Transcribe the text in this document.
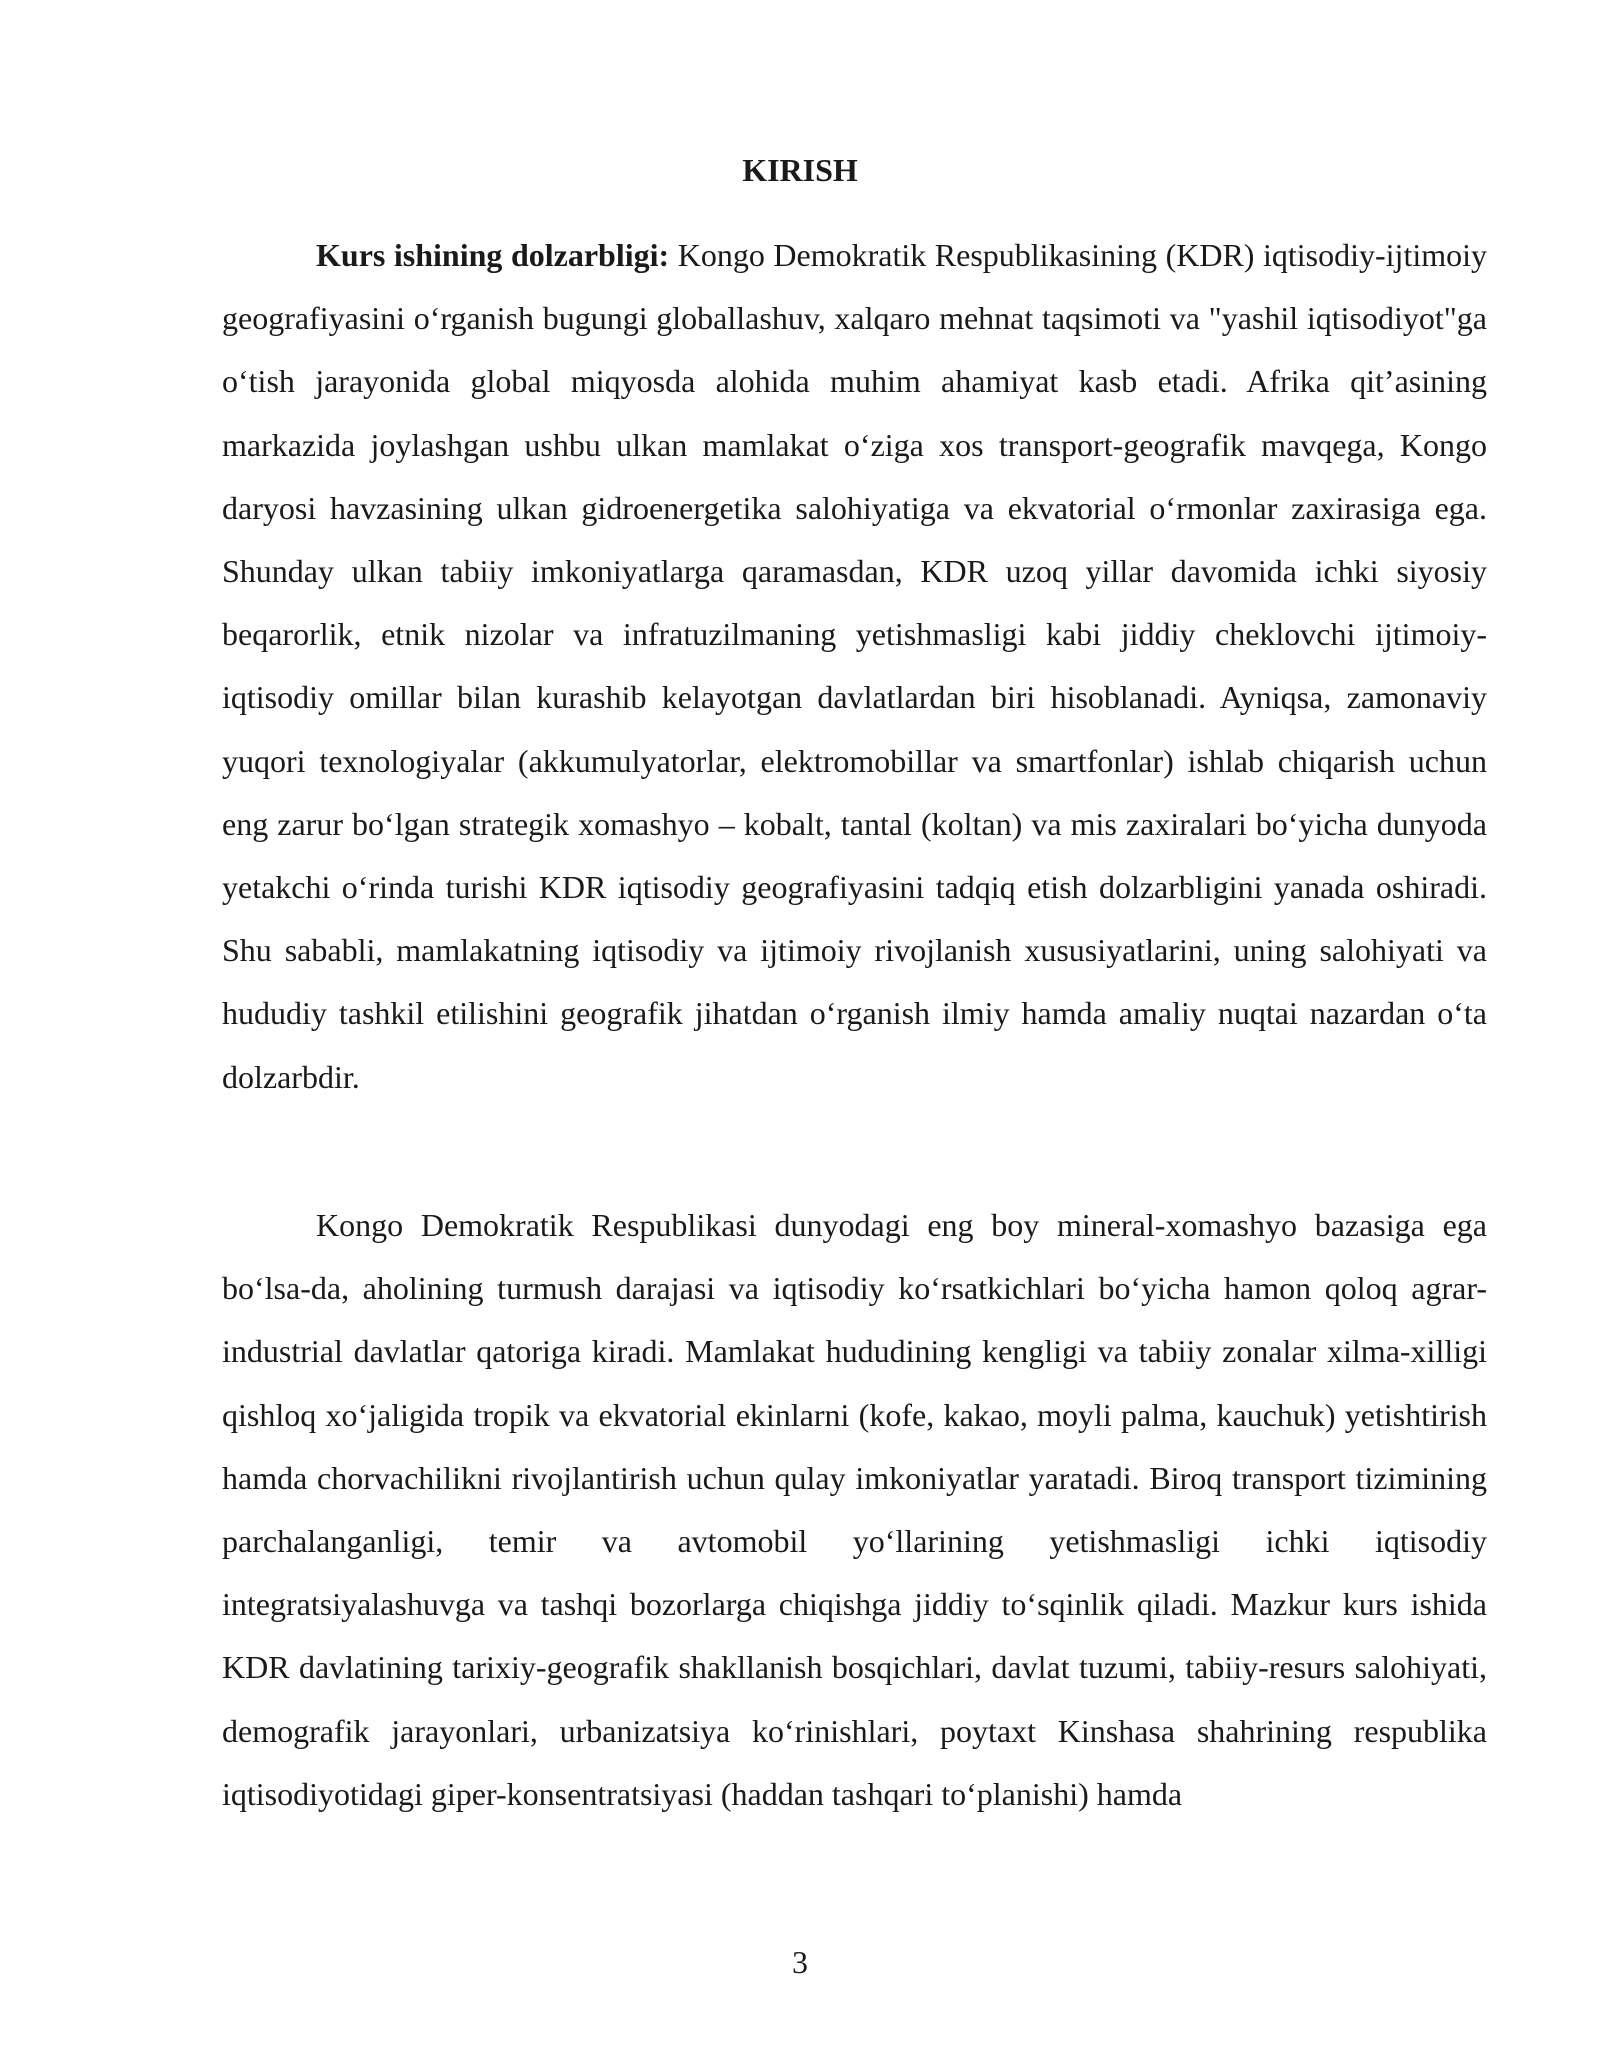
KIRISH

Kurs ishining dolzarbligi: Kongo Demokratik Respublikasining (KDR) iqtisodiy-ijtimoiy geografiyasini o‘rganish bugungi globallashuv, xalqaro mehnat taqsimoti va "yashil iqtisodiyot"ga o‘tish jarayonida global miqyosda alohida muhim ahamiyat kasb etadi. Afrika qit’asining markazida joylashgan ushbu ulkan mamlakat o‘ziga xos transport-geografik mavqega, Kongo daryosi havzasining ulkan gidroenergetika salohiyatiga va ekvatorial o‘rmonlar zaxirasiga ega. Shunday ulkan tabiiy imkoniyatlarga qaramasdan, KDR uzoq yillar davomida ichki siyosiy beqarorlik, etnik nizolar va infratuzilmaning yetishmasligi kabi jiddiy cheklovchi ijtimoiy-iqtisodiy omillar bilan kurashib kelayotgan davlatlardan biri hisoblanadi. Ayniqsa, zamonaviy yuqori texnologiyalar (akkumulyatorlar, elektromobillar va smartfonlar) ishlab chiqarish uchun eng zarur bo‘lgan strategik xomashyo – kobalt, tantal (koltan) va mis zaxiralari bo‘yicha dunyoda yetakchi o‘rinda turishi KDR iqtisodiy geografiyasini tadqiq etish dolzarbligini yanada oshiradi. Shu sababli, mamlakatning iqtisodiy va ijtimoiy rivojlanish xususiyatlarini, uning salohiyati va hududiy tashkil etilishini geografik jihatdan o‘rganish ilmiy hamda amaliy nuqtai nazardan o‘ta dolzarbdir.

Kongo Demokratik Respublikasi dunyodagi eng boy mineral-xomashyo bazasiga ega bo‘lsa-da, aholining turmush darajasi va iqtisodiy ko‘rsatkichlari bo‘yicha hamon qoloq agrar-industrial davlatlar qatoriga kiradi. Mamlakat hududining kengligi va tabiiy zonalar xilma-xilligi qishloq xo‘jaligida tropik va ekvatorial ekinlarni (kofe, kakao, moyli palma, kauchuk) yetishtirish hamda chorvachilikni rivojlantirish uchun qulay imkoniyatlar yaratadi. Biroq transport tizimining parchalanganligi, temir va avtomobil yo‘llarining yetishmasligi ichki iqtisodiy integratsiyalashuvga va tashqi bozorlarga chiqishga jiddiy to‘sqinlik qiladi. Mazkur kurs ishida KDR davlatining tarixiy-geografik shakllanish bosqichlari, davlat tuzumi, tabiiy-resurs salohiyati, demografik jarayonlari, urbanizatsiya ko‘rinishlari, poytaxt Kinshasa shahrining respublika iqtisodiyotidagi giper-konsentratsiyasi (haddan tashqari to‘planishi) hamda

3
